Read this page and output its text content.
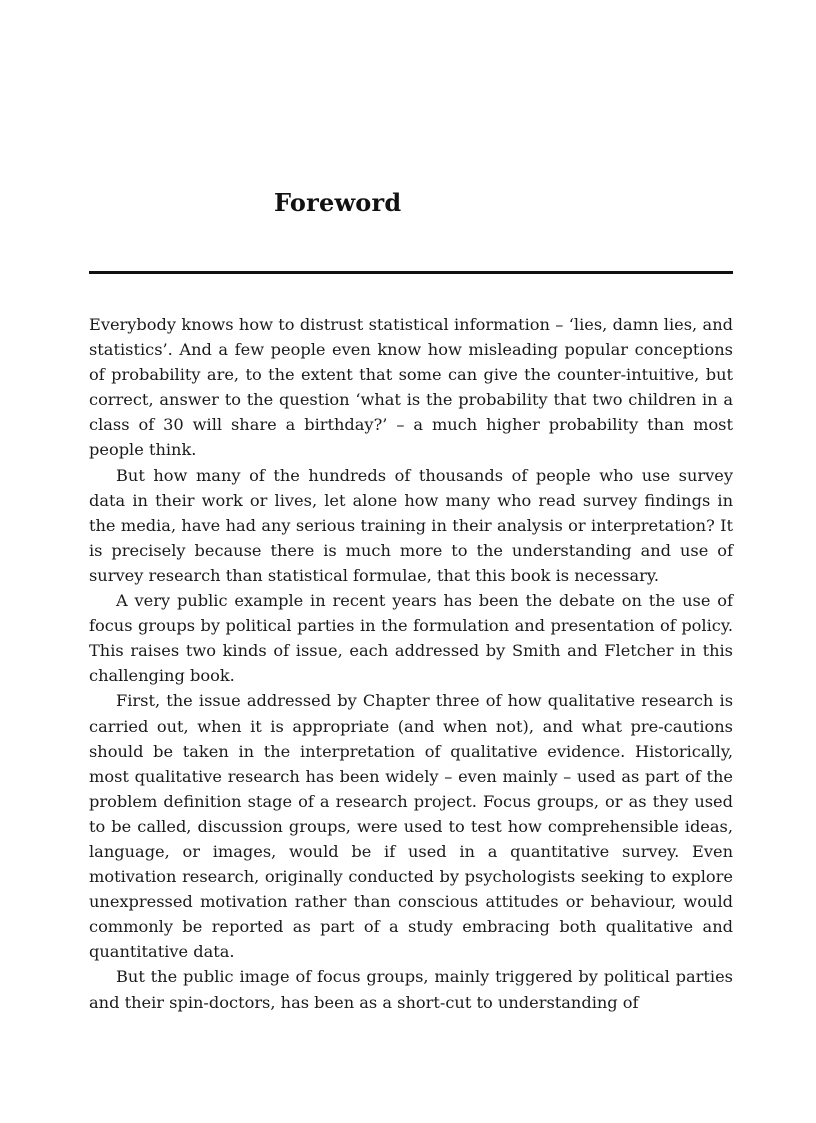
Foreword

Everybody knows how to distrust statistical information – ‘lies, damn lies, and statistics’. And a few people even know how misleading popular conceptions of probability are, to the extent that some can give the counter-intuitive, but correct, answer to the question ‘what is the probability that two children in a class of 30 will share a birthday?’ – a much higher probability than most people think.

But how many of the hundreds of thousands of people who use survey data in their work or lives, let alone how many who read survey findings in the media, have had any serious training in their analysis or interpretation? It is precisely because there is much more to the understanding and use of survey research than statistical formulae, that this book is necessary.

A very public example in recent years has been the debate on the use of focus groups by political parties in the formulation and presentation of policy. This raises two kinds of issue, each addressed by Smith and Fletcher in this challenging book.

First, the issue addressed by Chapter three of how qualitative research is carried out, when it is appropriate (and when not), and what pre-cautions should be taken in the interpretation of qualitative evidence. Historically, most qualitative research has been widely – even mainly – used as part of the problem definition stage of a research project. Focus groups, or as they used to be called, discussion groups, were used to test how comprehensible ideas, language, or images, would be if used in a quantitative survey. Even motivation research, originally conducted by psychologists seeking to explore unexpressed motivation rather than conscious attitudes or behaviour, would commonly be reported as part of a study embracing both qualitative and quantitative data.

But the public image of focus groups, mainly triggered by political parties and their spin-doctors, has been as a short-cut to understanding of
